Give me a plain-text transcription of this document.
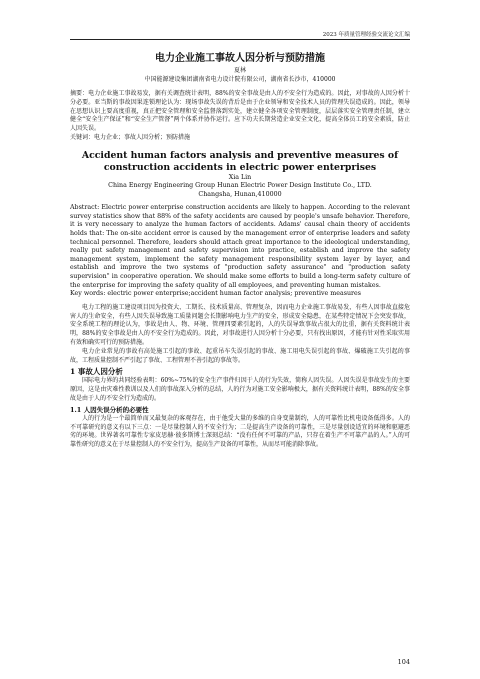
2023 年质量管理经验交流论文汇编
电力企业施工事故人因分析与预防措施
夏林
中国能源建设集团湖南省电力设计院有限公司，湖南省长沙市，410000

摘要：电力企业施工事故易发，据有关调查统计表明，88%的安全事故是由人的不安全行为造成的。因此，对事故的人因分析十分必要。亚当斯的事故因果连锁理论认为：现场事故失误的背后是由于企业领导和安全技术人员的管理失误造成的。因此，领导在思想认识上要高度重视，真正把安全管理和安全监督落到实处，建立健全各项安全管理制度，层层落实安全管理责任制，建立健全“安全生产保证”和“安全生产管督”两个体系并协作运行。应下功夫长期营造企业安全文化，提高全体员工的安全素质，防止人因失误。

关键词：电力企业；事故人因分析；预防措施

Accident human factors analysis and preventive measures of
construction accidents in electric power enterprises
Xia Lin
China Energy Engineering Group Hunan Electric Power Design Institute Co., LTD.
Changsha, Hunan,410000

Abstract: Electric power enterprise construction accidents are likely to happen. According to the relevant survey statistics show that 88% of the safety accidents are caused by people's unsafe behavior. Therefore, it is very necessary to analyze the human factors of accidents. Adams' causal chain theory of accidents holds that: The on-site accident error is caused by the management error of enterprise leaders and safety technical personnel. Therefore, leaders should attach great importance to the ideological understanding, really put safety management and safety supervision into practice, establish and improve the safety management system, implement the safety management responsibility system layer by layer, and establish and improve the two systems of "production safety assurance" and "production safety supervision" in cooperative operation. We should make some efforts to build a long-term safety culture of the enterprise for improving the safety quality of all employees, and preventing human mistakes.

Key words: electric power enterprise;accident human factor analysis; preventive measures

电力工程的施工建设项目因为投资大、工期长、技术质量高、管理复杂，因而电力企业施工事故易发，有些人因事故直接危害人的生命安全，有些人因失误导致施工质量问题会长期影响电力生产的安全，形成安全隐患，在某些特定情况下会突发事故，安全系统工程的理论认为，事故是由人、物、环境、管理四要素引起的，人的失误导致事故占很大的比重，据有关资料统计表明，88%的安全事故是由人的不安全行为造成的。因此，对事故进行人因分析十分必要，只有找出原因，才能有针对性采取实用有效和确实可行的预防措施。

电力企业常见的事故有高处施工引起的事故、起重吊车失误引起的事故、施工用电失误引起的事故、爆破施工失引起的事故，工程质量控制不严引起了事故、工程管理不善引起的事故等。

1 事故人因分析

国际电力界的共同经验表明：60%~75%的安全生产事件归因于人的行为失效，简称人因失误。人因失误是事故发生的主要原因，这是由灾难性教训以及人们的事故深入分析的总结，人的行为对施工安全影响极大，据有关资料统计表明，88%的安全事故是由于人的不安全行为造成的。

1.1 人因失误分析的必要性

人的行为是一个最简单而又最复杂的客观存在，由于他受大量的多维的自身变量制约，人的可靠性比机电设备低得多。人的不可靠研究的意义有以下三点：一是尽量控制人的不安全行为；二是提高生产设备的可靠性，三是尽量创设适宜的环境和驱避恶劣的环境。世界著名可靠性专家皮思赫·彼多斯博士深刻总结：“没有任何不可靠的产品，只存在着生产不可靠产品的人。”人的可靠性研究的意义在于尽量控制人的不安全行为，提高生产设备的可靠性，从而尽可能消除事故。

104
